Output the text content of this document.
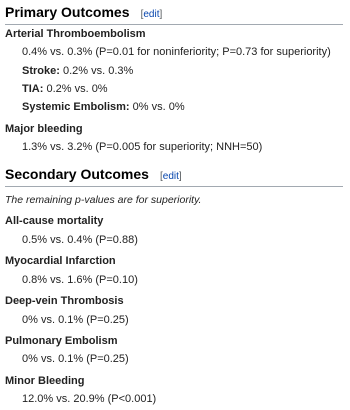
Primary Outcomes [edit]
Arterial Thromboembolism
0.4% vs. 0.3% (P=0.01 for noninferiority; P=0.73 for superiority)
Stroke: 0.2% vs. 0.3%
TIA: 0.2% vs. 0%
Systemic Embolism: 0% vs. 0%
Major bleeding
1.3% vs. 3.2% (P=0.005 for superiority; NNH=50)
Secondary Outcomes [edit]
The remaining p-values are for superiority.
All-cause mortality
0.5% vs. 0.4% (P=0.88)
Myocardial Infarction
0.8% vs. 1.6% (P=0.10)
Deep-vein Thrombosis
0% vs. 0.1% (P=0.25)
Pulmonary Embolism
0% vs. 0.1% (P=0.25)
Minor Bleeding
12.0% vs. 20.9% (P<0.001)
